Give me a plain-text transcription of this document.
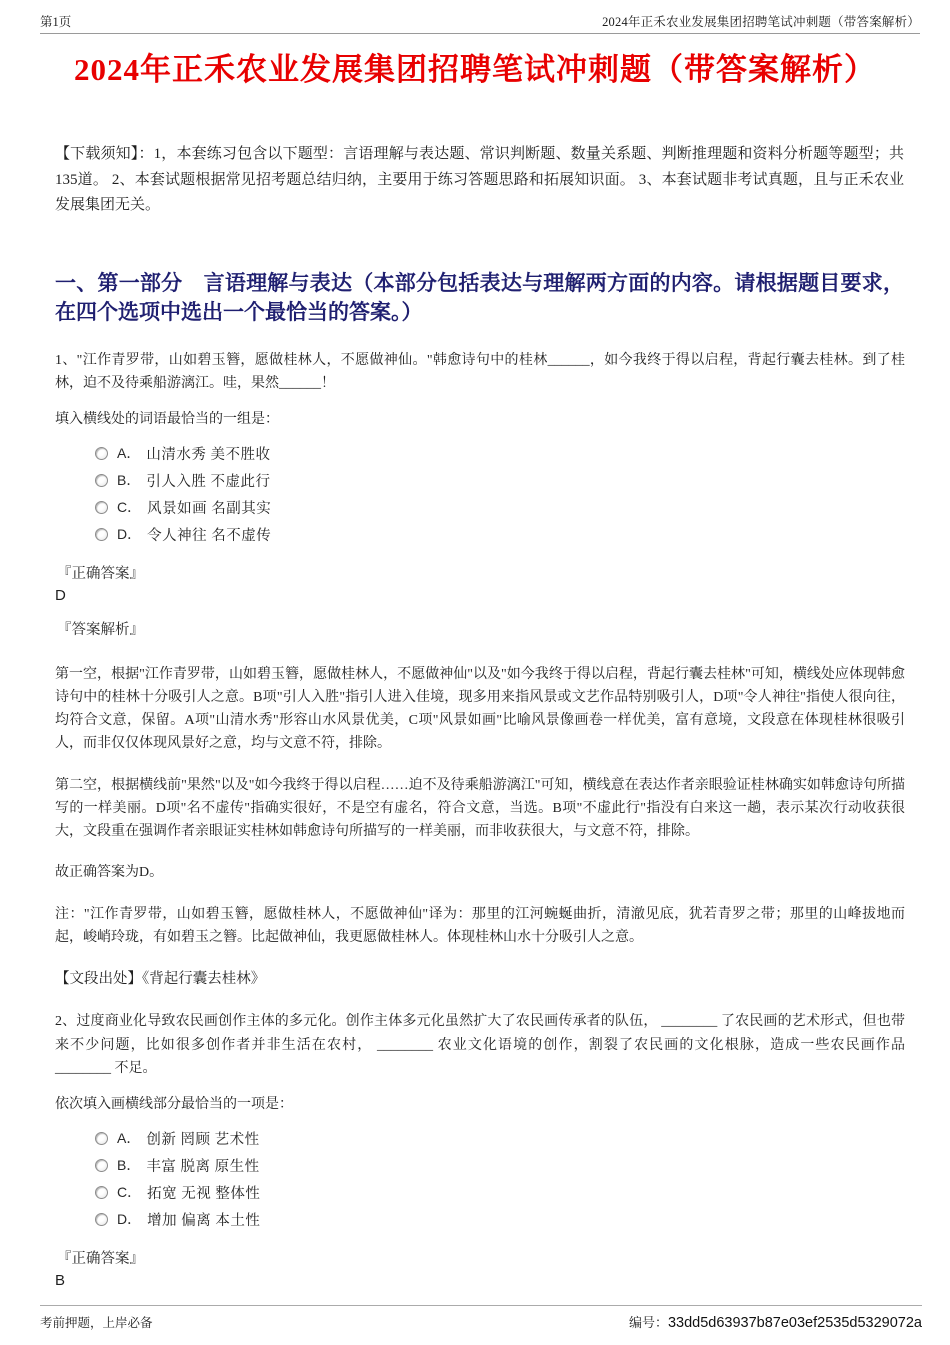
第1页	2024年正禾农业发展集团招聘笔试冲刺题（带答案解析）
2024年正禾农业发展集团招聘笔试冲刺题（带答案解析）

【下载须知】：1，本套练习包含以下题型：言语理解与表达题、常识判断题、数量关系题、判断推理题和资料分析题等题型；共135道。 2、本套试题根据常见招考题总结归纳，主要用于练习答题思路和拓展知识面。 3、本套试题非考试真题，且与正禾农业发展集团无关。

一、第一部分　言语理解与表达（本部分包括表达与理解两方面的内容。请根据题目要求，在四个选项中选出一个最恰当的答案。）

1、"江作青罗带，山如碧玉簪，愿做桂林人，不愿做神仙。"韩愈诗句中的桂林______，如今我终于得以启程，背起行囊去桂林。到了桂林，迫不及待乘船游漓江。哇，果然______！

填入横线处的词语最恰当的一组是：

A． 山清水秀 美不胜收
B． 引人入胜 不虚此行
C． 风景如画 名副其实
D． 令人神往 名不虚传

『正确答案』

D

『答案解析』

第一空，根据"江作青罗带，山如碧玉簪，愿做桂林人，不愿做神仙"以及"如今我终于得以启程，背起行囊去桂林"可知，横线处应体现韩愈诗句中的桂林十分吸引人之意。B项"引人入胜"指引人进入佳境，现多用来指风景或文艺作品特别吸引人，D项"令人神往"指使人很向往，均符合文意，保留。A项"山清水秀"形容山水风景优美，C项"风景如画"比喻风景像画卷一样优美，富有意境，文段意在体现桂林很吸引人，而非仅仅体现风景好之意，均与文意不符，排除。

第二空，根据横线前"果然"以及"如今我终于得以启程……迫不及待乘船游漓江"可知，横线意在表达作者亲眼验证桂林确实如韩愈诗句所描写的一样美丽。D项"名不虚传"指确实很好，不是空有虚名，符合文意，当选。B项"不虚此行"指没有白来这一趟，表示某次行动收获很大，文段重在强调作者亲眼证实桂林如韩愈诗句所描写的一样美丽，而非收获很大，与文意不符，排除。

故正确答案为D。

注："江作青罗带，山如碧玉簪，愿做桂林人，不愿做神仙"译为：那里的江河蜿蜒曲折，清澈见底，犹若青罗之带；那里的山峰拔地而起，峻峭玲珑，有如碧玉之簪。比起做神仙，我更愿做桂林人。体现桂林山水十分吸引人之意。

【文段出处】《背起行囊去桂林》

2、过度商业化导致农民画创作主体的多元化。创作主体多元化虽然扩大了农民画传承者的队伍， ________ 了农民画的艺术形式，但也带来不少问题，比如很多创作者并非生活在农村， ________ 农业文化语境的创作，割裂了农民画的文化根脉，造成一些农民画作品 ________ 不足。

依次填入画横线部分最恰当的一项是：

A． 创新 罔顾 艺术性
B． 丰富 脱离 原生性
C． 拓宽 无视 整体性
D． 增加 偏离 本土性

『正确答案』

B

考前押题，上岸必备	编号：33dd5d63937b87e03ef2535d5329072a
